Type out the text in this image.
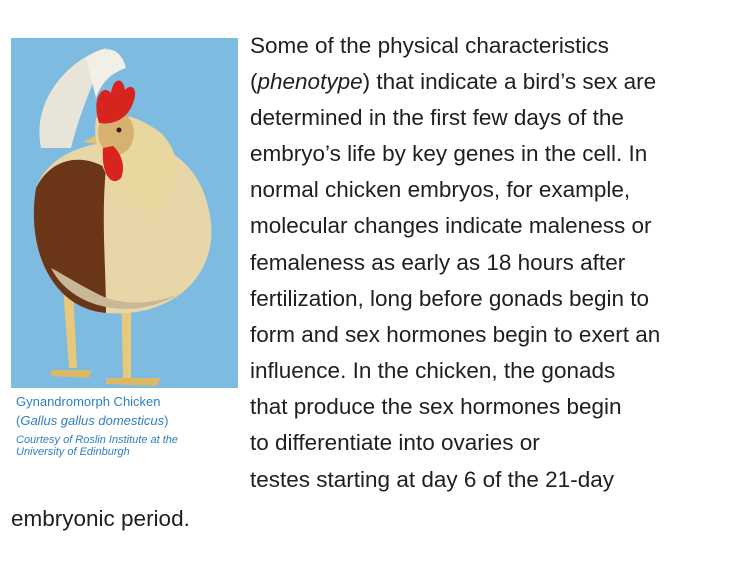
Gynandromorph Chicken

(Gallus gallus domesticus)

Courtesy of Roslin Institute at the
University of Edinburgh

Some of the physical characteristics
(phenotype) that indicate a bird’s sex are
determined in the first few days of the
embryo’s life by key genes in the cell. In
normal chicken embryos, for example,
molecular changes indicate maleness or
femaleness as early as 18 hours after
fertilization, long before gonads begin to
form and sex hormones begin to exert an
influence. In the chicken, the gonads
that produce the sex hormones begin
to differentiate into ovaries or
testes starting at day 6 of the 21-day
embryonic period.
